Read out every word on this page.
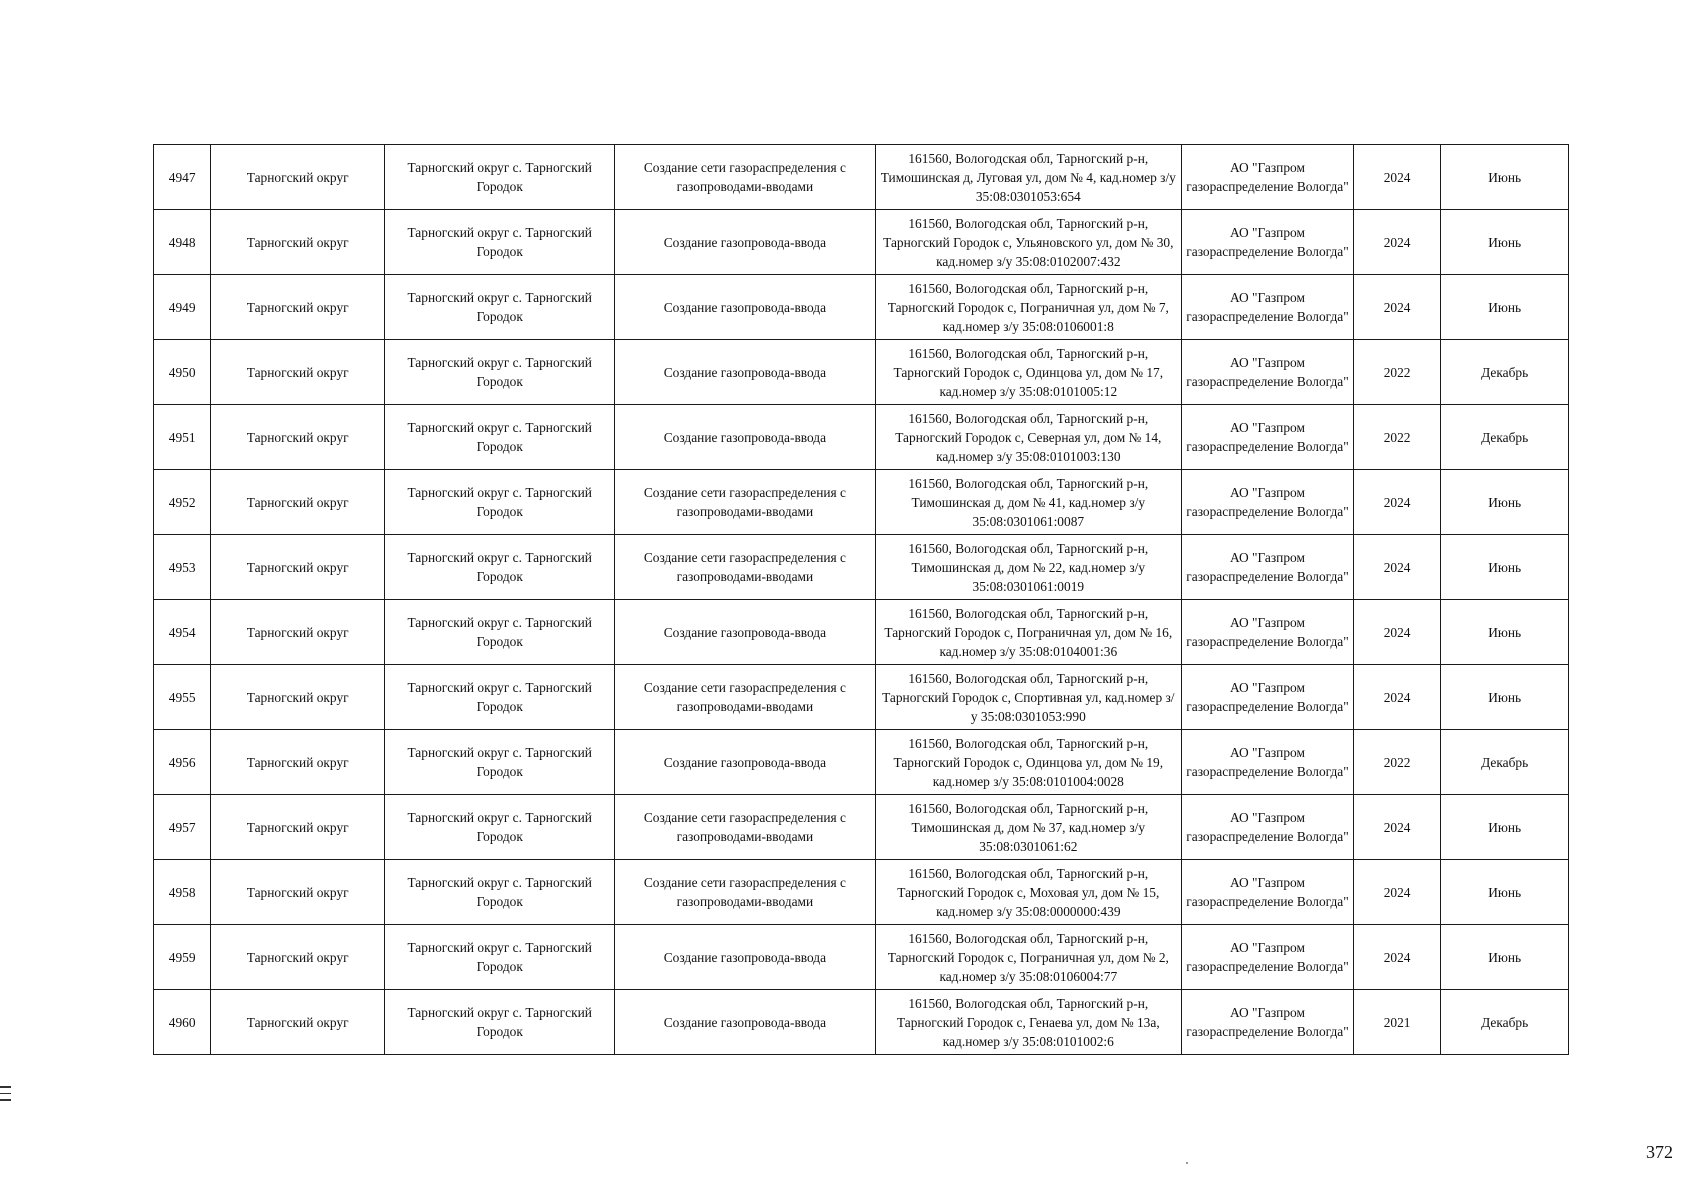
4947	Тарногский округ	Тарногский округ с. Тарногский Городок	Создание сети газораспределения с газопроводами-вводами	161560, Вологодская обл, Тарногский р-н, Тимошинская д, Луговая ул, дом № 4, кад.номер з/у 35:08:0301053:654	АО "Газпром газораспределение Вологда"	2024	Июнь
4948	Тарногский округ	Тарногский округ с. Тарногский Городок	Создание газопровода-ввода	161560, Вологодская обл, Тарногский р-н, Тарногский Городок с, Ульяновского ул, дом № 30, кад.номер з/у 35:08:0102007:432	АО "Газпром газораспределение Вологда"	2024	Июнь
4949	Тарногский округ	Тарногский округ с. Тарногский Городок	Создание газопровода-ввода	161560, Вологодская обл, Тарногский р-н, Тарногский Городок с, Пограничная ул, дом № 7, кад.номер з/у 35:08:0106001:8	АО "Газпром газораспределение Вологда"	2024	Июнь
4950	Тарногский округ	Тарногский округ с. Тарногский Городок	Создание газопровода-ввода	161560, Вологодская обл, Тарногский р-н, Тарногский Городок с, Одинцова ул, дом № 17, кад.номер з/у 35:08:0101005:12	АО "Газпром газораспределение Вологда"	2022	Декабрь
4951	Тарногский округ	Тарногский округ с. Тарногский Городок	Создание газопровода-ввода	161560, Вологодская обл, Тарногский р-н, Тарногский Городок с, Северная ул, дом № 14, кад.номер з/у 35:08:0101003:130	АО "Газпром газораспределение Вологда"	2022	Декабрь
4952	Тарногский округ	Тарногский округ с. Тарногский Городок	Создание сети газораспределения с газопроводами-вводами	161560, Вологодская обл, Тарногский р-н, Тимошинская д, дом № 41, кад.номер з/у 35:08:0301061:0087	АО "Газпром газораспределение Вологда"	2024	Июнь
4953	Тарногский округ	Тарногский округ с. Тарногский Городок	Создание сети газораспределения с газопроводами-вводами	161560, Вологодская обл, Тарногский р-н, Тимошинская д, дом № 22, кад.номер з/у 35:08:0301061:0019	АО "Газпром газораспределение Вологда"	2024	Июнь
4954	Тарногский округ	Тарногский округ с. Тарногский Городок	Создание газопровода-ввода	161560, Вологодская обл, Тарногский р-н, Тарногский Городок с, Пограничная ул, дом № 16, кад.номер з/у 35:08:0104001:36	АО "Газпром газораспределение Вологда"	2024	Июнь
4955	Тарногский округ	Тарногский округ с. Тарногский Городок	Создание сети газораспределения с газопроводами-вводами	161560, Вологодская обл, Тарногский р-н, Тарногский Городок с, Спортивная ул, кад.номер з/у 35:08:0301053:990	АО "Газпром газораспределение Вологда"	2024	Июнь
4956	Тарногский округ	Тарногский округ с. Тарногский Городок	Создание газопровода-ввода	161560, Вологодская обл, Тарногский р-н, Тарногский Городок с, Одинцова ул, дом № 19, кад.номер з/у 35:08:0101004:0028	АО "Газпром газораспределение Вологда"	2022	Декабрь
4957	Тарногский округ	Тарногский округ с. Тарногский Городок	Создание сети газораспределения с газопроводами-вводами	161560, Вологодская обл, Тарногский р-н, Тимошинская д, дом № 37, кад.номер з/у 35:08:0301061:62	АО "Газпром газораспределение Вологда"	2024	Июнь
4958	Тарногский округ	Тарногский округ с. Тарногский Городок	Создание сети газораспределения с газопроводами-вводами	161560, Вологодская обл, Тарногский р-н, Тарногский Городок с, Моховая ул, дом № 15, кад.номер з/у 35:08:0000000:439	АО "Газпром газораспределение Вологда"	2024	Июнь
4959	Тарногский округ	Тарногский округ с. Тарногский Городок	Создание газопровода-ввода	161560, Вологодская обл, Тарногский р-н, Тарногский Городок с, Пограничная ул, дом № 2, кад.номер з/у 35:08:0106004:77	АО "Газпром газораспределение Вологда"	2024	Июнь
4960	Тарногский округ	Тарногский округ с. Тарногский Городок	Создание газопровода-ввода	161560, Вологодская обл, Тарногский р-н, Тарногский Городок с, Генаева ул, дом № 13а, кад.номер з/у 35:08:0101002:6	АО "Газпром газораспределение Вологда"	2021	Декабрь
372
